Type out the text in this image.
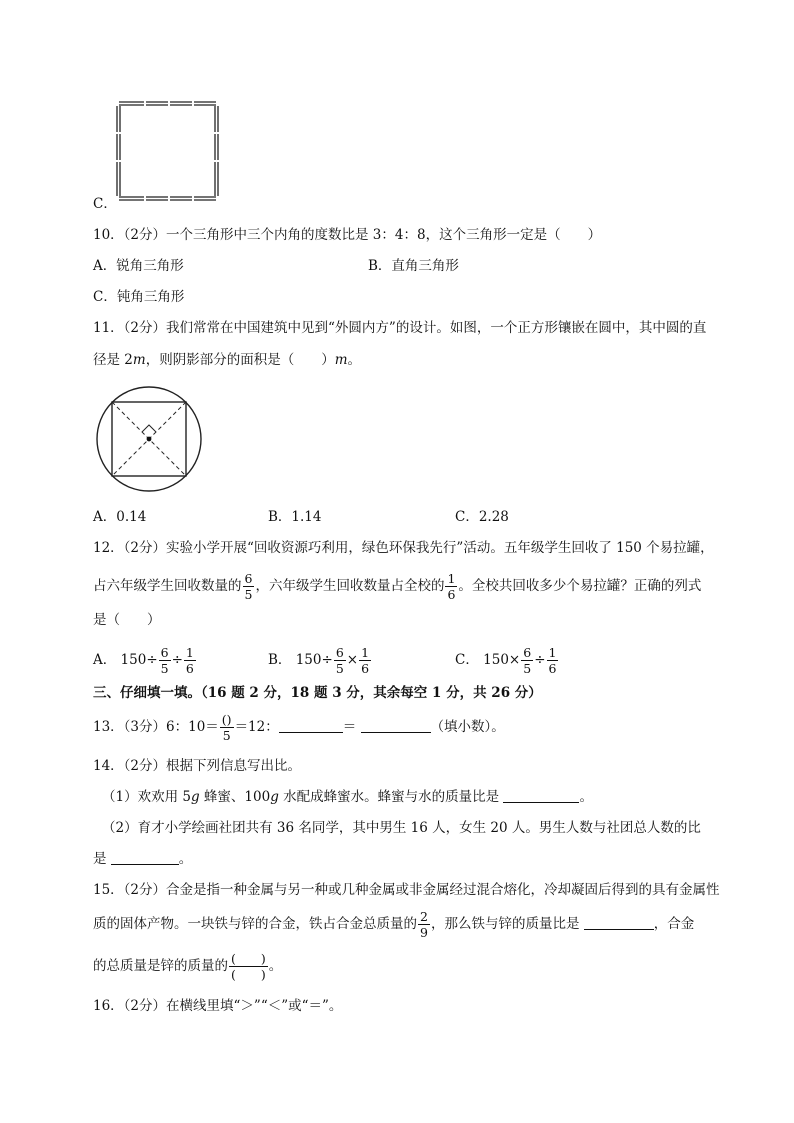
C．
10．（2分）一个三角形中三个内角的度数比是 3：4：8，这个三角形一定是（　　）
A．锐角三角形	B．直角三角形
C．钝角三角形
11．（2分）我们常常在中国建筑中见到“外圆内方”的设计。如图，一个正方形镶嵌在圆中，其中圆的直
径是 2m，则阴影部分的面积是（　　）m。
A．0.14	B．1.14	C．2.28
12．（2分）实验小学开展“回收资源巧利用，绿色环保我先行”活动。五年级学生回收了 150 个易拉罐，
占六年级学生回收数量的 $\frac{6}{5}$ ，六年级学生回收数量占全校的 $\frac{1}{6}$ 。全校共回收多少个易拉罐？正确的列式
是（　　）
A． $150\div \frac{6}{5} \div \frac{1}{6}$	B． $150\div \frac{6}{5} \times \frac{1}{6}$	C． $150\times \frac{6}{5} \div \frac{1}{6}$
三、仔细填一填。（16 题 2 分，18 题 3 分，其余每空 1 分，共 26 分）
13．（3分）6：$10= \frac{()}{5} =12$：	＝	（填小数）。
14．（2分）根据下列信息写出比。
（1）欢欢用 5g 蜂蜜、100g 水配成蜂蜜水。蜂蜜与水的质量比是	。
（2）育才小学绘画社团共有 36 名同学，其中男生 16 人，女生 20 人。男生人数与社团总人数的比
是	。
15．（2分）合金是指一种金属与另一种或几种金属或非金属经过混合熔化，冷却凝固后得到的具有金属性
质的固体产物。一块铁与锌的合金，铁占合金总质量的 $\frac{2}{9}$ ，那么铁与锌的质量比是	，合金
的总质量是锌的质量的 $\frac{( )}{( )}$ 。
16．（2分）在横线里填“＞”“＜”或“＝”。
